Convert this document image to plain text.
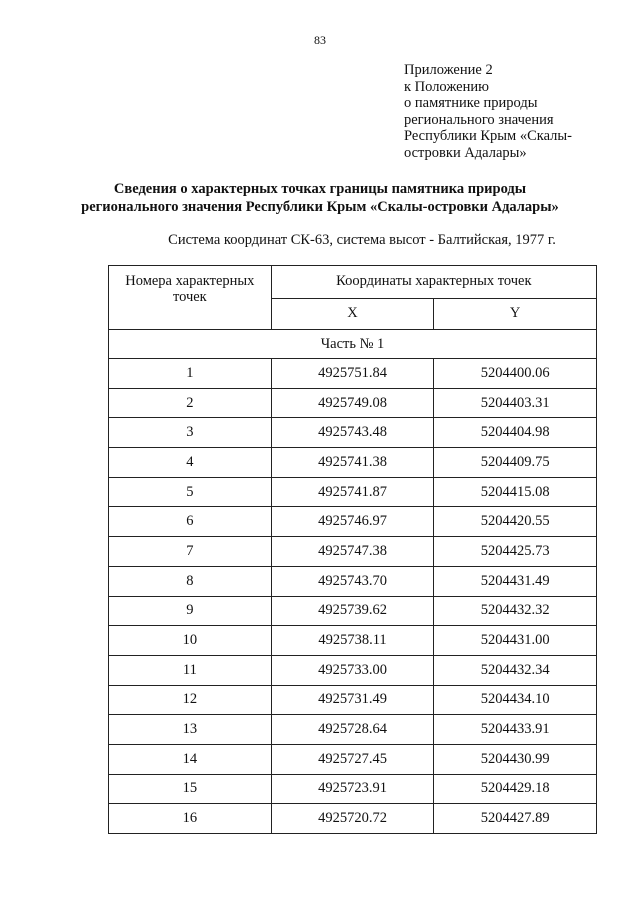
83
Приложение 2
к Положению
о памятнике природы
регионального значения
Республики Крым «Скалы-
островки Адалары»
Сведения о характерных точках границы памятника природы
регионального значения Республики Крым «Скалы-островки Адалары»
Система координат СК-63, система высот - Балтийская, 1977 г.
Номера характерных точек	Координаты характерных точек	
	X	Y
Часть № 1		
1	4925751.84	5204400.06
2	4925749.08	5204403.31
3	4925743.48	5204404.98
4	4925741.38	5204409.75
5	4925741.87	5204415.08
6	4925746.97	5204420.55
7	4925747.38	5204425.73
8	4925743.70	5204431.49
9	4925739.62	5204432.32
10	4925738.11	5204431.00
11	4925733.00	5204432.34
12	4925731.49	5204434.10
13	4925728.64	5204433.91
14	4925727.45	5204430.99
15	4925723.91	5204429.18
16	4925720.72	5204427.89
